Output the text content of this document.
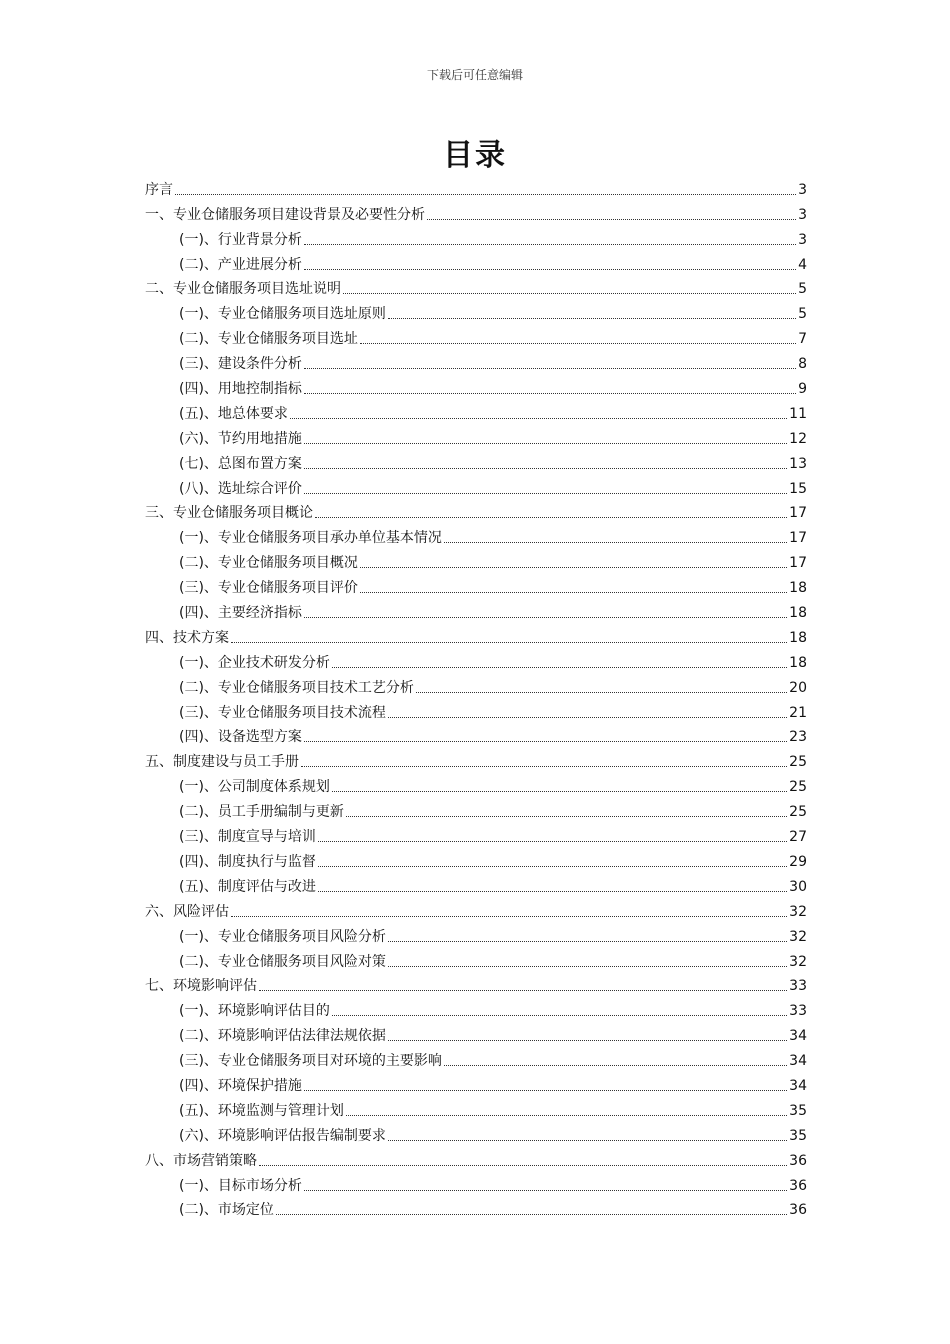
下载后可任意编辑
目录
序言	3
一、专业仓储服务项目建设背景及必要性分析	3
(一)、行业背景分析	3
(二)、产业进展分析	4
二、专业仓储服务项目选址说明	5
(一)、专业仓储服务项目选址原则	5
(二)、专业仓储服务项目选址	7
(三)、建设条件分析	8
(四)、用地控制指标	9
(五)、地总体要求	11
(六)、节约用地措施	12
(七)、总图布置方案	13
(八)、选址综合评价	15
三、专业仓储服务项目概论	17
(一)、专业仓储服务项目承办单位基本情况	17
(二)、专业仓储服务项目概况	17
(三)、专业仓储服务项目评价	18
(四)、主要经济指标	18
四、技术方案	18
(一)、企业技术研发分析	18
(二)、专业仓储服务项目技术工艺分析	20
(三)、专业仓储服务项目技术流程	21
(四)、设备选型方案	23
五、制度建设与员工手册	25
(一)、公司制度体系规划	25
(二)、员工手册编制与更新	25
(三)、制度宣导与培训	27
(四)、制度执行与监督	29
(五)、制度评估与改进	30
六、风险评估	32
(一)、专业仓储服务项目风险分析	32
(二)、专业仓储服务项目风险对策	32
七、环境影响评估	33
(一)、环境影响评估目的	33
(二)、环境影响评估法律法规依据	34
(三)、专业仓储服务项目对环境的主要影响	34
(四)、环境保护措施	34
(五)、环境监测与管理计划	35
(六)、环境影响评估报告编制要求	35
八、市场营销策略	36
(一)、目标市场分析	36
(二)、市场定位	36
